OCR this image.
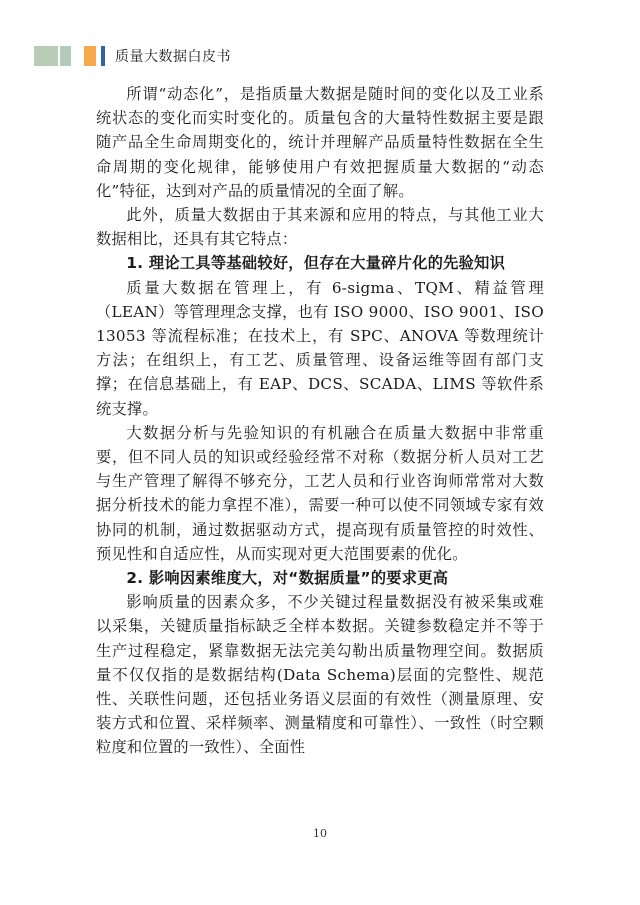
质量大数据白皮书

所谓“动态化”，是指质量大数据是随时间的变化以及工业系统状态的变化而实时变化的。质量包含的大量特性数据主要是跟随产品全生命周期变化的，统计并理解产品质量特性数据在全生命周期的变化规律，能够使用户有效把握质量大数据的“动态化”特征，达到对产品的质量情况的全面了解。

此外，质量大数据由于其来源和应用的特点，与其他工业大数据相比，还具有其它特点：

1. 理论工具等基础较好，但存在大量碎片化的先验知识

质量大数据在管理上，有 6-sigma、TQM、精益管理（LEAN）等管理理念支撑，也有 ISO 9000、ISO 9001、ISO 13053 等流程标准；在技术上，有 SPC、ANOVA 等数理统计方法；在组织上，有工艺、质量管理、设备运维等固有部门支撑；在信息基础上，有 EAP、DCS、SCADA、LIMS 等软件系统支撑。

大数据分析与先验知识的有机融合在质量大数据中非常重要，但不同人员的知识或经验经常不对称（数据分析人员对工艺与生产管理了解得不够充分，工艺人员和行业咨询师常常对大数据分析技术的能力拿捏不准），需要一种可以使不同领域专家有效协同的机制，通过数据驱动方式，提高现有质量管控的时效性、预见性和自适应性，从而实现对更大范围要素的优化。

2. 影响因素维度大，对“数据质量”的要求更高

影响质量的因素众多，不少关键过程量数据没有被采集或难以采集，关键质量指标缺乏全样本数据。关键参数稳定并不等于生产过程稳定，紧靠数据无法完美勾勒出质量物理空间。数据质量不仅仅指的是数据结构(Data Schema)层面的完整性、规范性、关联性问题，还包括业务语义层面的有效性（测量原理、安装方式和位置、采样频率、测量精度和可靠性）、一致性（时空颗粒度和位置的一致性）、全面性

10
